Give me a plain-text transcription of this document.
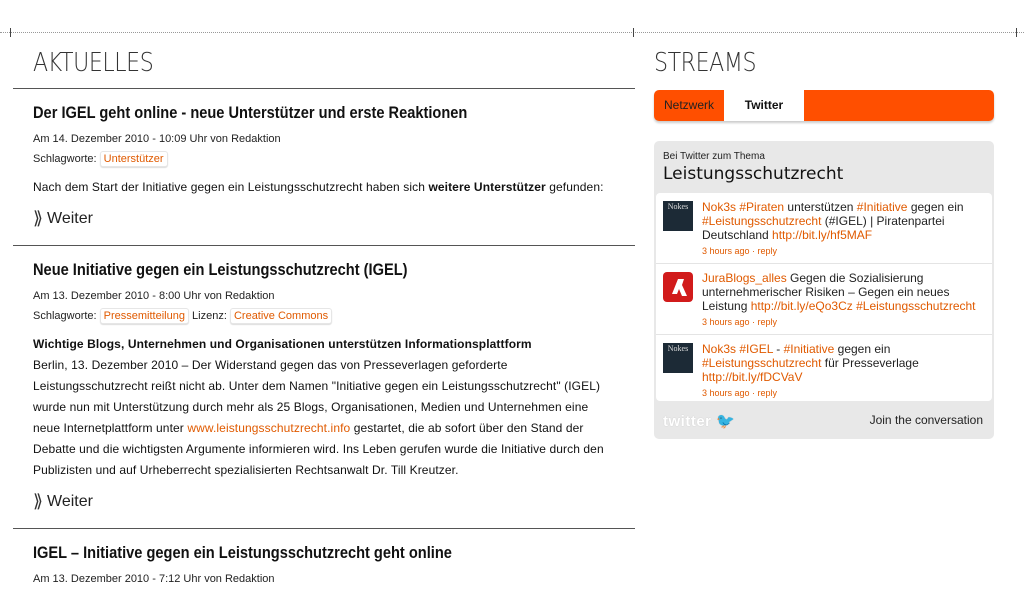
AKTUELLES
Der IGEL geht online - neue Unterstützer und erste Reaktionen
Am 14. Dezember 2010 - 10:09 Uhr von Redaktion
Schlagworte: Unterstützer
Nach dem Start der Initiative gegen ein Leistungsschutzrecht haben sich weitere Unterstützer gefunden:
⟫ Weiter
Neue Initiative gegen ein Leistungsschutzrecht (IGEL)
Am 13. Dezember 2010 - 8:00 Uhr von Redaktion
Schlagworte: Pressemitteilung Lizenz: Creative Commons
Wichtige Blogs, Unternehmen und Organisationen unterstützen Informationsplattform
Berlin, 13. Dezember 2010 – Der Widerstand gegen das von Presseverlagen geforderte Leistungsschutzrecht reißt nicht ab. Unter dem Namen "Initiative gegen ein Leistungsschutzrecht" (IGEL) wurde nun mit Unterstützung durch mehr als 25 Blogs, Organisationen, Medien und Unternehmen eine neue Internetplattform unter www.leistungsschutzrecht.info gestartet, die ab sofort über den Stand der Debatte und die wichtigsten Argumente informieren wird. Ins Leben gerufen wurde die Initiative durch den Publizisten und auf Urheberrecht spezialisierten Rechtsanwalt Dr. Till Kreutzer.
⟫ Weiter
IGEL – Initiative gegen ein Leistungsschutzrecht geht online
Am 13. Dezember 2010 - 7:12 Uhr von Redaktion
STREAMS
Netzwerk	Twitter
Bei Twitter zum Thema
Leistungsschutzrecht
Nokes	Nok3s #Piraten unterstützen #Initiative gegen ein #Leistungsschutzrecht (#IGEL) | Piratenpartei Deutschland http://bit.ly/hf5MAF
3 hours ago · reply
JuraBlogs_alles Gegen die Sozialisierung unternehmerischer Risiken – Gegen ein neues Leistung http://bit.ly/eQo3Cz #Leistungsschutzrecht
3 hours ago · reply
Nokes	Nok3s #IGEL - #Initiative gegen ein #Leistungsschutzrecht für Presseverlage http://bit.ly/fDCVaV
3 hours ago · reply
twitter 🐦	Join the conversation
